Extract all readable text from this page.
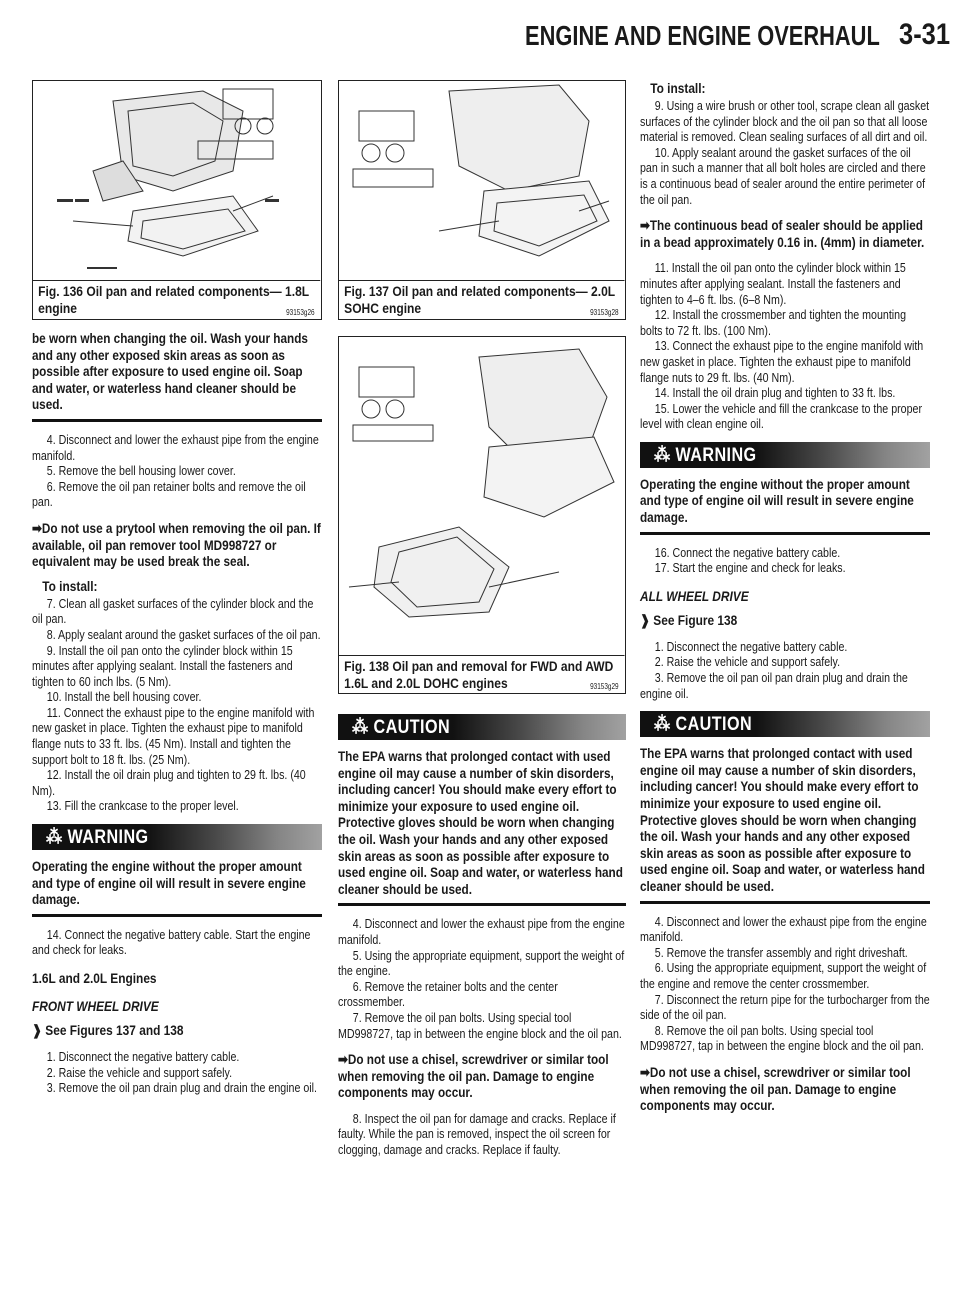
ENGINE AND ENGINE OVERHAUL 3-31
93153g26
Fig. 136 Oil pan and related components— 1.8L engine

be worn when changing the oil. Wash your hands and any other exposed skin areas as soon as possible after exposure to used engine oil. Soap and water, or waterless hand cleaner should be used.

4. Disconnect and lower the exhaust pipe from the engine manifold.

5. Remove the bell housing lower cover.

6. Remove the oil pan retainer bolts and remove the oil pan.

➡Do not use a prytool when removing the oil pan. If available, oil pan remover tool MD998727 or equivalent may be used break the seal.

To install:

7. Clean all gasket surfaces of the cylinder block and the oil pan.

8. Apply sealant around the gasket surfaces of the oil pan.

9. Install the oil pan onto the cylinder block within 15 minutes after applying sealant. Install the fasteners and tighten to 60 inch lbs. (5 Nm).

10. Install the bell housing cover.

11. Connect the exhaust pipe to the engine manifold with new gasket in place. Tighten the exhaust pipe to manifold flange nuts to 33 ft. lbs. (45 Nm). Install and tighten the support bolt to 18 ft. lbs. (25 Nm).

12. Install the oil drain plug and tighten to 29 ft. lbs. (40 Nm).

13. Fill the crankcase to the proper level.

⁂ WARNING

Operating the engine without the proper amount and type of engine oil will result in severe engine damage.

14. Connect the negative battery cable. Start the engine and check for leaks.

1.6L and 2.0L Engines
FRONT WHEEL DRIVE
❱ See Figures 137 and 138

1. Disconnect the negative battery cable.

2. Raise the vehicle and support safely.

3. Remove the oil pan drain plug and drain the engine oil.

93153g28
Fig. 137 Oil pan and related components— 2.0L SOHC engine
93153g29
Fig. 138 Oil pan and removal for FWD and AWD 1.6L and 2.0L DOHC engines
⁂ CAUTION

The EPA warns that prolonged contact with used engine oil may cause a number of skin disorders, including cancer! You should make every effort to minimize your exposure to used engine oil. Protective gloves should be worn when changing the oil. Wash your hands and any other exposed skin areas as soon as possible after exposure to used engine oil. Soap and water, or waterless hand cleaner should be used.

4. Disconnect and lower the exhaust pipe from the engine manifold.

5. Using the appropriate equipment, support the weight of the engine.

6. Remove the retainer bolts and the center crossmember.

7. Remove the oil pan bolts. Using special tool MD998727, tap in between the engine block and the oil pan.

➡Do not use a chisel, screwdriver or similar tool when removing the oil pan. Damage to engine components may occur.

8. Inspect the oil pan for damage and cracks. Replace if faulty. While the pan is removed, inspect the oil screen for clogging, damage and cracks. Replace if faulty.

To install:

9. Using a wire brush or other tool, scrape clean all gasket surfaces of the cylinder block and the oil pan so that all loose material is removed. Clean sealing surfaces of all dirt and oil.

10. Apply sealant around the gasket surfaces of the oil pan in such a manner that all bolt holes are circled and there is a continuous bead of sealer around the entire perimeter of the oil pan.

➡The continuous bead of sealer should be applied in a bead approximately 0.16 in. (4mm) in diameter.

11. Install the oil pan onto the cylinder block within 15 minutes after applying sealant. Install the fasteners and tighten to 4–6 ft. lbs. (6–8 Nm).

12. Install the crossmember and tighten the mounting bolts to 72 ft. lbs. (100 Nm).

13. Connect the exhaust pipe to the engine manifold with new gasket in place. Tighten the exhaust pipe to manifold flange nuts to 29 ft. lbs. (40 Nm).

14. Install the oil drain plug and tighten to 33 ft. lbs.

15. Lower the vehicle and fill the crankcase to the proper level with clean engine oil.

⁂ WARNING

Operating the engine without the proper amount and type of engine oil will result in severe engine damage.

16. Connect the negative battery cable.

17. Start the engine and check for leaks.

ALL WHEEL DRIVE
❱ See Figure 138

1. Disconnect the negative battery cable.

2. Raise the vehicle and support safely.

3. Remove the oil pan oil pan drain plug and drain the engine oil.

⁂ CAUTION

The EPA warns that prolonged contact with used engine oil may cause a number of skin disorders, including cancer! You should make every effort to minimize your exposure to used engine oil. Protective gloves should be worn when changing the oil. Wash your hands and any other exposed skin areas as soon as possible after exposure to used engine oil. Soap and water, or waterless hand cleaner should be used.

4. Disconnect and lower the exhaust pipe from the engine manifold.

5. Remove the transfer assembly and right driveshaft.

6. Using the appropriate equipment, support the weight of the engine and remove the center crossmember.

7. Disconnect the return pipe for the turbocharger from the side of the oil pan.

8. Remove the oil pan bolts. Using special tool MD998727, tap in between the engine block and the oil pan.

➡Do not use a chisel, screwdriver or similar tool when removing the oil pan. Damage to engine components may occur.
